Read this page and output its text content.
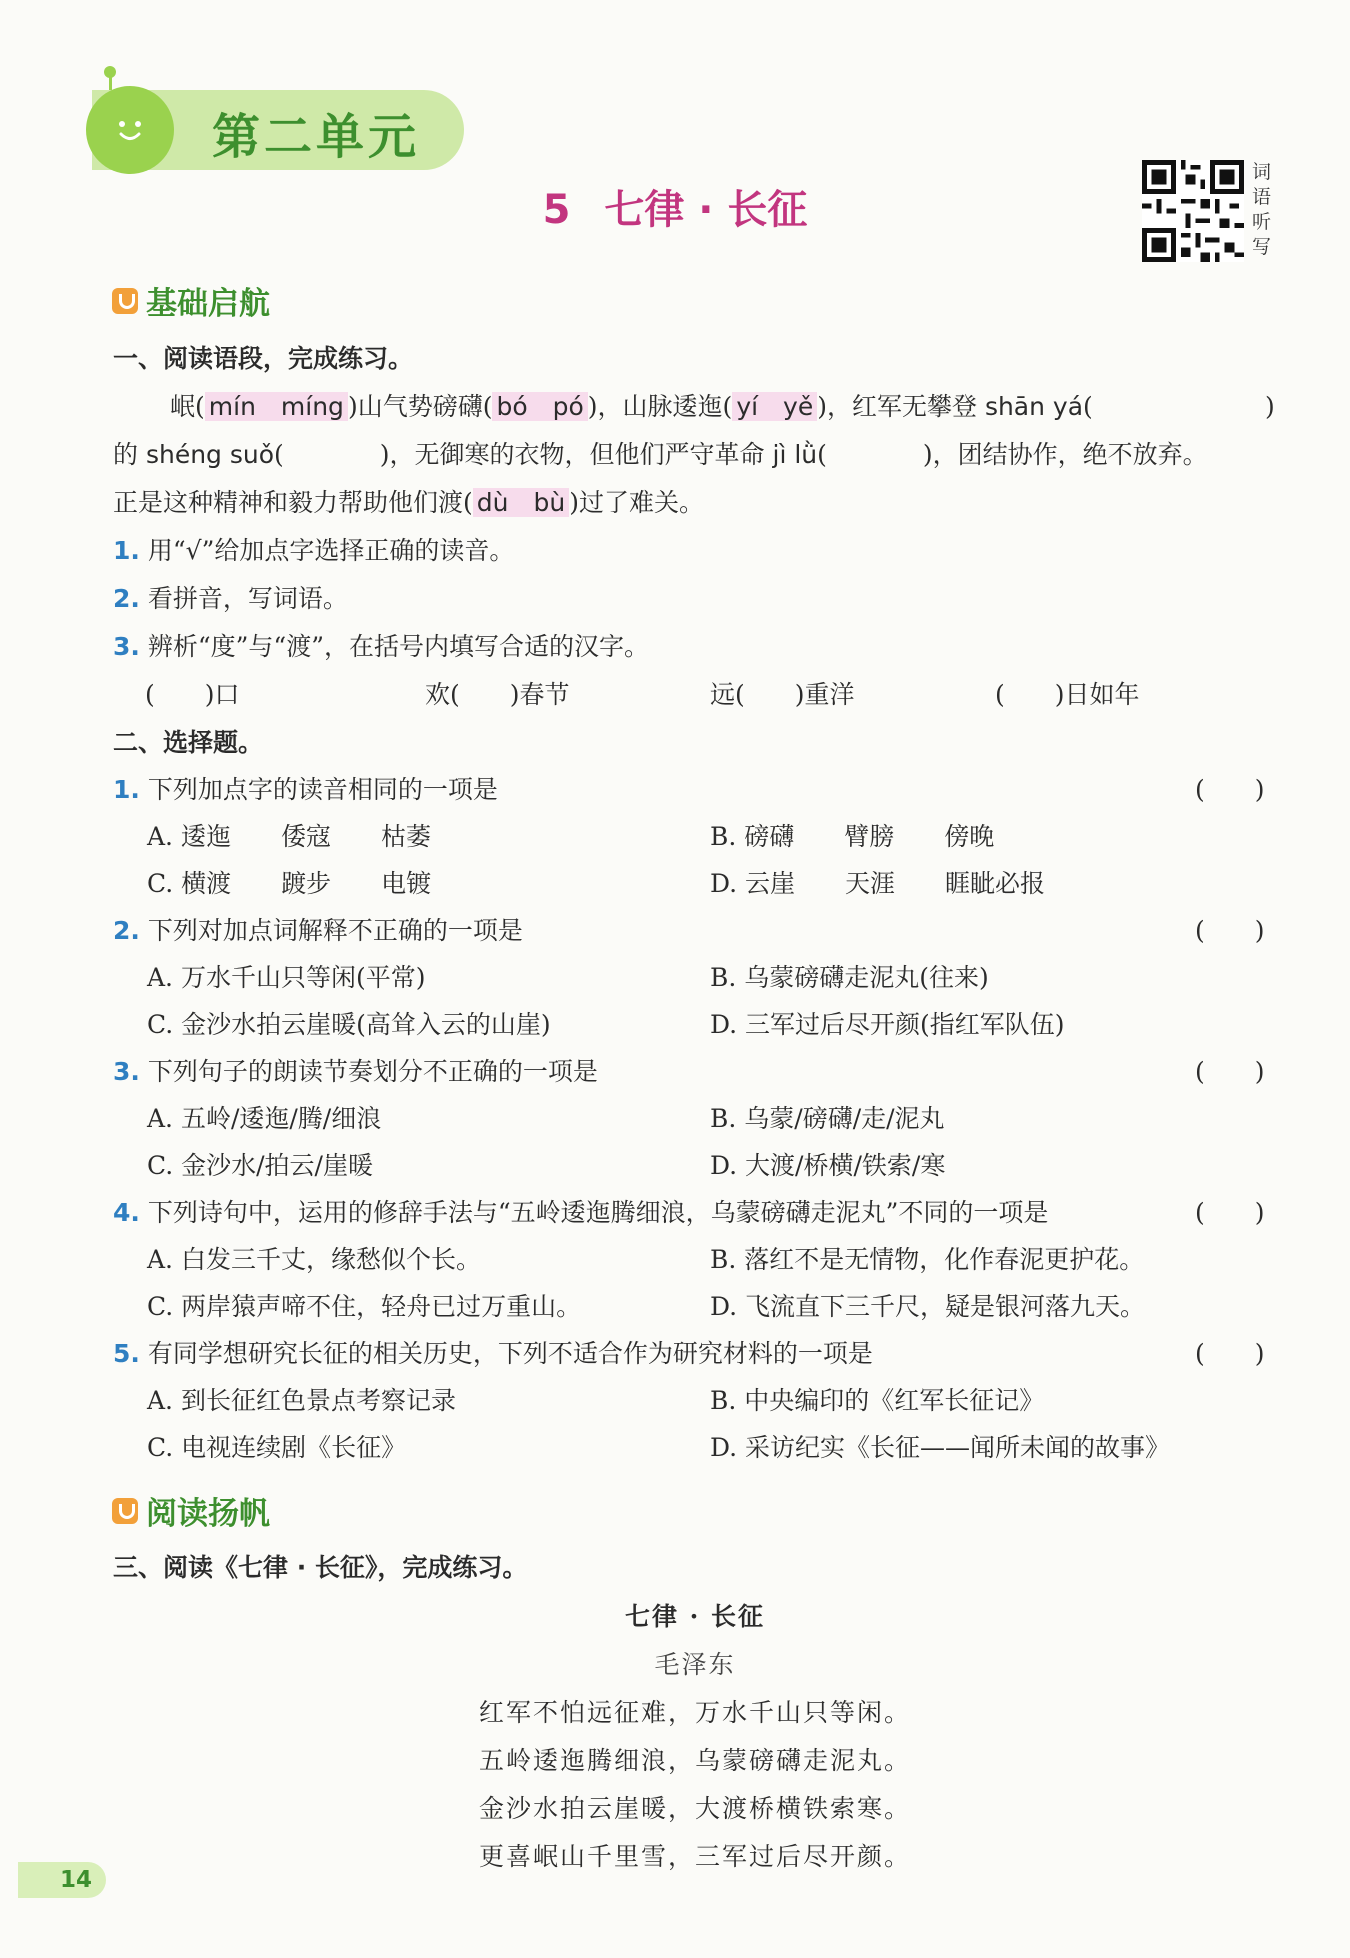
第二单元
5 七律 · 长征
词语听写
基础启航
一、阅读语段，完成练习。
岷( mín　míng )山气势磅礴( bó　pó )，山脉逶迤( yí　yě )，红军无攀登 shān yá(	)
的 shéng suǒ(	)，无御寒的衣物，但他们严守革命 jì lǜ(	)，团结协作，绝不放弃。
正是这种精神和毅力帮助他们渡( dù　bù )过了难关。
1. 用“√”给加点字选择正确的读音。
2. 看拼音，写词语。
3. 辨析“度”与“渡”，在括号内填写合适的汉字。
(　　)口	欢(　　)春节	远(　　)重洋	(　　)日如年
二、选择题。
1. 下列加点字的读音相同的一项是	(　　)
A. 逶迤　　倭寇　　枯萎	B. 磅礴　　臂膀　　傍晚
C. 横渡　　踱步　　电镀	D. 云崖　　天涯　　睚眦必报
2. 下列对加点词解释不正确的一项是	(　　)
A. 万水千山只等闲(平常)	B. 乌蒙磅礴走泥丸(往来)
C. 金沙水拍云崖暖(高耸入云的山崖)	D. 三军过后尽开颜(指红军队伍)
3. 下列句子的朗读节奏划分不正确的一项是	(　　)
A. 五岭/逶迤/腾/细浪	B. 乌蒙/磅礴/走/泥丸
C. 金沙水/拍云/崖暖	D. 大渡/桥横/铁索/寒
4. 下列诗句中，运用的修辞手法与“五岭逶迤腾细浪，乌蒙磅礴走泥丸”不同的一项是	(　　)
A. 白发三千丈，缘愁似个长。	B. 落红不是无情物，化作春泥更护花。
C. 两岸猿声啼不住，轻舟已过万重山。	D. 飞流直下三千尺，疑是银河落九天。
5. 有同学想研究长征的相关历史，下列不适合作为研究材料的一项是	(　　)
A. 到长征红色景点考察记录	B. 中央编印的《红军长征记》
C. 电视连续剧《长征》	D. 采访纪实《长征——闻所未闻的故事》
阅读扬帆
三、阅读《七律 · 长征》，完成练习。
七律 · 长征
毛泽东
红军不怕远征难，万水千山只等闲。
五岭逶迤腾细浪，乌蒙磅礴走泥丸。
金沙水拍云崖暖，大渡桥横铁索寒。
更喜岷山千里雪，三军过后尽开颜。
14
